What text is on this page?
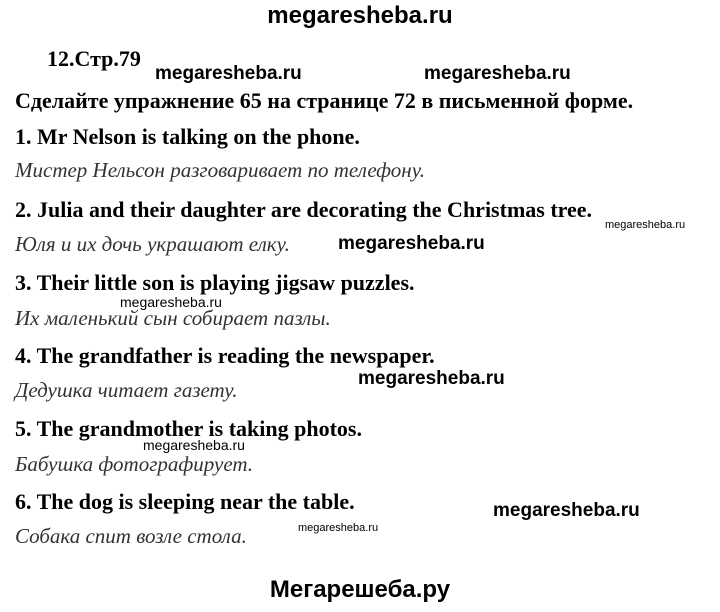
megaresheba.ru
12.Стр.79
Сделайте упражнение 65 на странице 72 в письменной форме.
1. Mr Nelson is talking on the phone.
Мистер Нельсон разговаривает по телефону.
2. Julia and their daughter are decorating the Christmas tree.
Юля и их дочь украшают елку.
3. Their little son is playing jigsaw puzzles.
Их маленький сын собирает пазлы.
4. The grandfather is reading the newspaper.
Дедушка читает газету.
5. The grandmother is taking photos.
Бабушка фотографирует.
6. The dog is sleeping near the table.
Собака спит возле стола.
megaresheba.ru	megaresheba.ru
megaresheba.ru
megaresheba.ru
megaresheba.ru
megaresheba.ru
megaresheba.ru
megaresheba.ru
megaresheba.ru
Мегарешеба.ру
